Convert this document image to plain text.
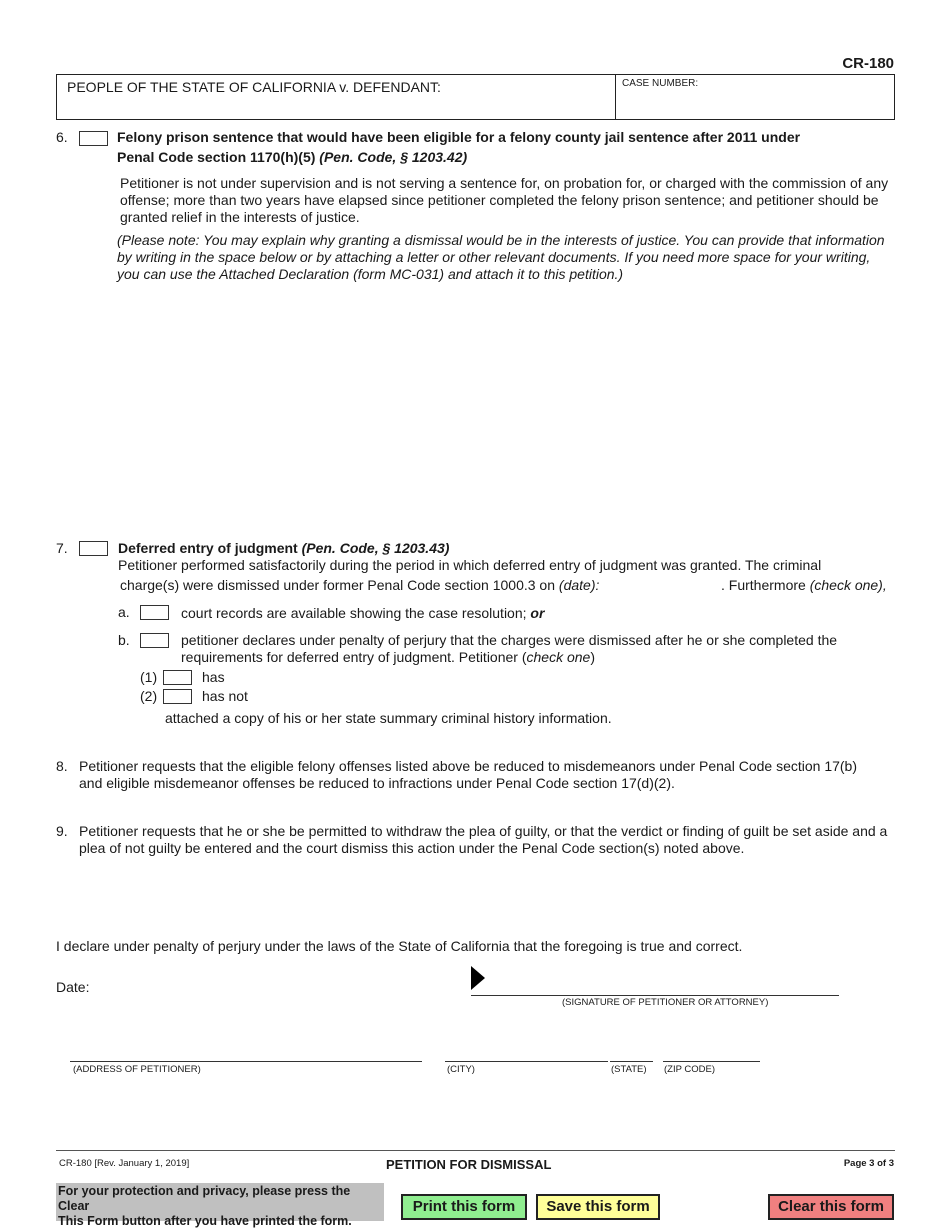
CR-180
PEOPLE OF THE STATE OF CALIFORNIA v. DEFENDANT:	CASE NUMBER:
6.	Felony prison sentence that would have been eligible for a felony county jail sentence after 2011 under
Penal Code section 1170(h)(5) (Pen. Code, § 1203.42)
Petitioner is not under supervision and is not serving a sentence for, on probation for, or charged with the commission of any
offense; more than two years have elapsed since petitioner completed the felony prison sentence; and petitioner should be
granted relief in the interests of justice.
(Please note: You may explain why granting a dismissal would be in the interests of justice. You can provide that information
by writing in the space below or by attaching a letter or other relevant documents. If you need more space for your writing,
you can use the Attached Declaration (form MC-031) and attach it to this petition.)
7.	Deferred entry of judgment (Pen. Code, § 1203.43)
Petitioner performed satisfactorily during the period in which deferred entry of judgment was granted. The criminal
charge(s) were dismissed under former Penal Code section 1000.3 on (date):	. Furthermore (check one),
a.	court records are available showing the case resolution; or
b.	petitioner declares under penalty of perjury that the charges were dismissed after he or she completed the
requirements for deferred entry of judgment. Petitioner (check one)
(1)	has
(2)	has not
attached a copy of his or her state summary criminal history information.
8. Petitioner requests that the eligible felony offenses listed above be reduced to misdemeanors under Penal Code section 17(b)
and eligible misdemeanor offenses be reduced to infractions under Penal Code section 17(d)(2).
9. Petitioner requests that he or she be permitted to withdraw the plea of guilty, or that the verdict or finding of guilt be set aside and a
plea of not guilty be entered and the court dismiss this action under the Penal Code section(s) noted above.
I declare under penalty of perjury under the laws of the State of California that the foregoing is true and correct.
Date:
(SIGNATURE OF PETITIONER OR ATTORNEY)
(ADDRESS OF PETITIONER)	(CITY)	(STATE) (ZIP CODE)
CR-180 [Rev. January 1, 2019]	PETITION FOR DISMISSAL	Page 3 of 3
For your protection and privacy, please press the Clear
This Form button after you have printed the form.
Print this form	Save this form	Clear this form
